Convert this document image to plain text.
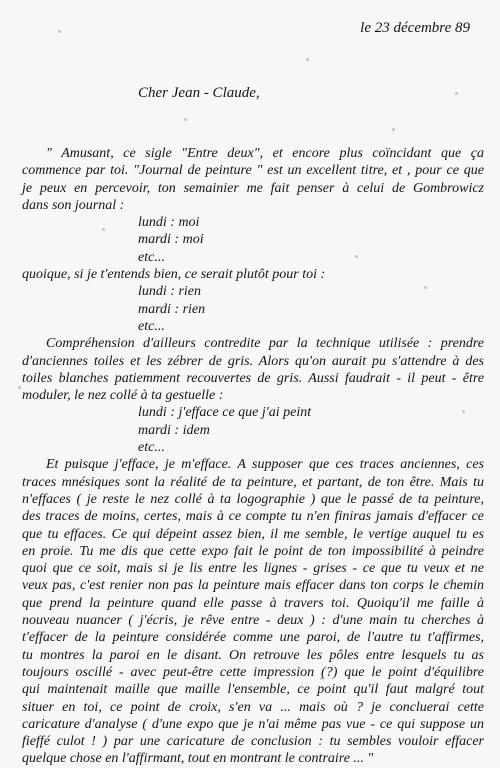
le 23 décembre 89
Cher Jean - Claude,
" Amusant, ce sigle "Entre deux", et encore plus coïncidant que ça
commence par toi. "Journal de peinture " est un excellent titre, et , pour ce que
je peux en percevoir, ton semainier me fait penser à celui de Gombrowicz
dans son journal :
lundi : moi
mardi : moi
etc...
quoique, si je t'entends bien, ce serait plutôt pour toi :
lundi : rien
mardi : rien
etc...
Compréhension d'ailleurs contredite par la technique utilisée : prendre
d'anciennes toiles et les zébrer de gris. Alors qu'on aurait pu s'attendre à des
toiles blanches patiemment recouvertes de gris. Aussi faudrait - il peut - être
moduler, le nez collé à ta gestuelle :
lundi : j'efface ce que j'ai peint
mardi : idem
etc...
Et puisque j'efface, je m'efface. A supposer que ces traces anciennes, ces
traces mnésiques sont la réalité de ta peinture, et partant, de ton être. Mais tu
n'effaces ( je reste le nez collé à ta logographie ) que le passé de ta peinture,
des traces de moins, certes, mais à ce compte tu n'en finiras jamais d'effacer ce
que tu effaces. Ce qui dépeint assez bien, il me semble, le vertige auquel tu es
en proie. Tu me dis que cette expo fait le point de ton impossibilité à peindre
quoi que ce soit, mais si je lis entre les lignes - grises - ce que tu veux et ne
veux pas, c'est renier non pas la peinture mais effacer dans ton corps le chemin
que prend la peinture quand elle passe à travers toi. Quoiqu'il me faille à
nouveau nuancer ( j'écris, je rêve entre - deux ) : d'une main tu cherches à
t'effacer de la peinture considérée comme une paroi, de l'autre tu t'affirmes,
tu montres la paroi en le disant. On retrouve les pôles entre lesquels tu as
toujours oscillé - avec peut-être cette impression (?) que le point d'équilibre
qui maintenait maille que maille l'ensemble, ce point qu'il faut malgré tout
situer en toi, ce point de croix, s'en va ... mais où ? je concluerai cette
caricature d'analyse ( d'une expo que je n'ai même pas vue - ce qui suppose un
fieffé culot ! ) par une caricature de conclusion : tu sembles vouloir effacer
quelque chose en l'affirmant, tout en montrant le contraire ... "
